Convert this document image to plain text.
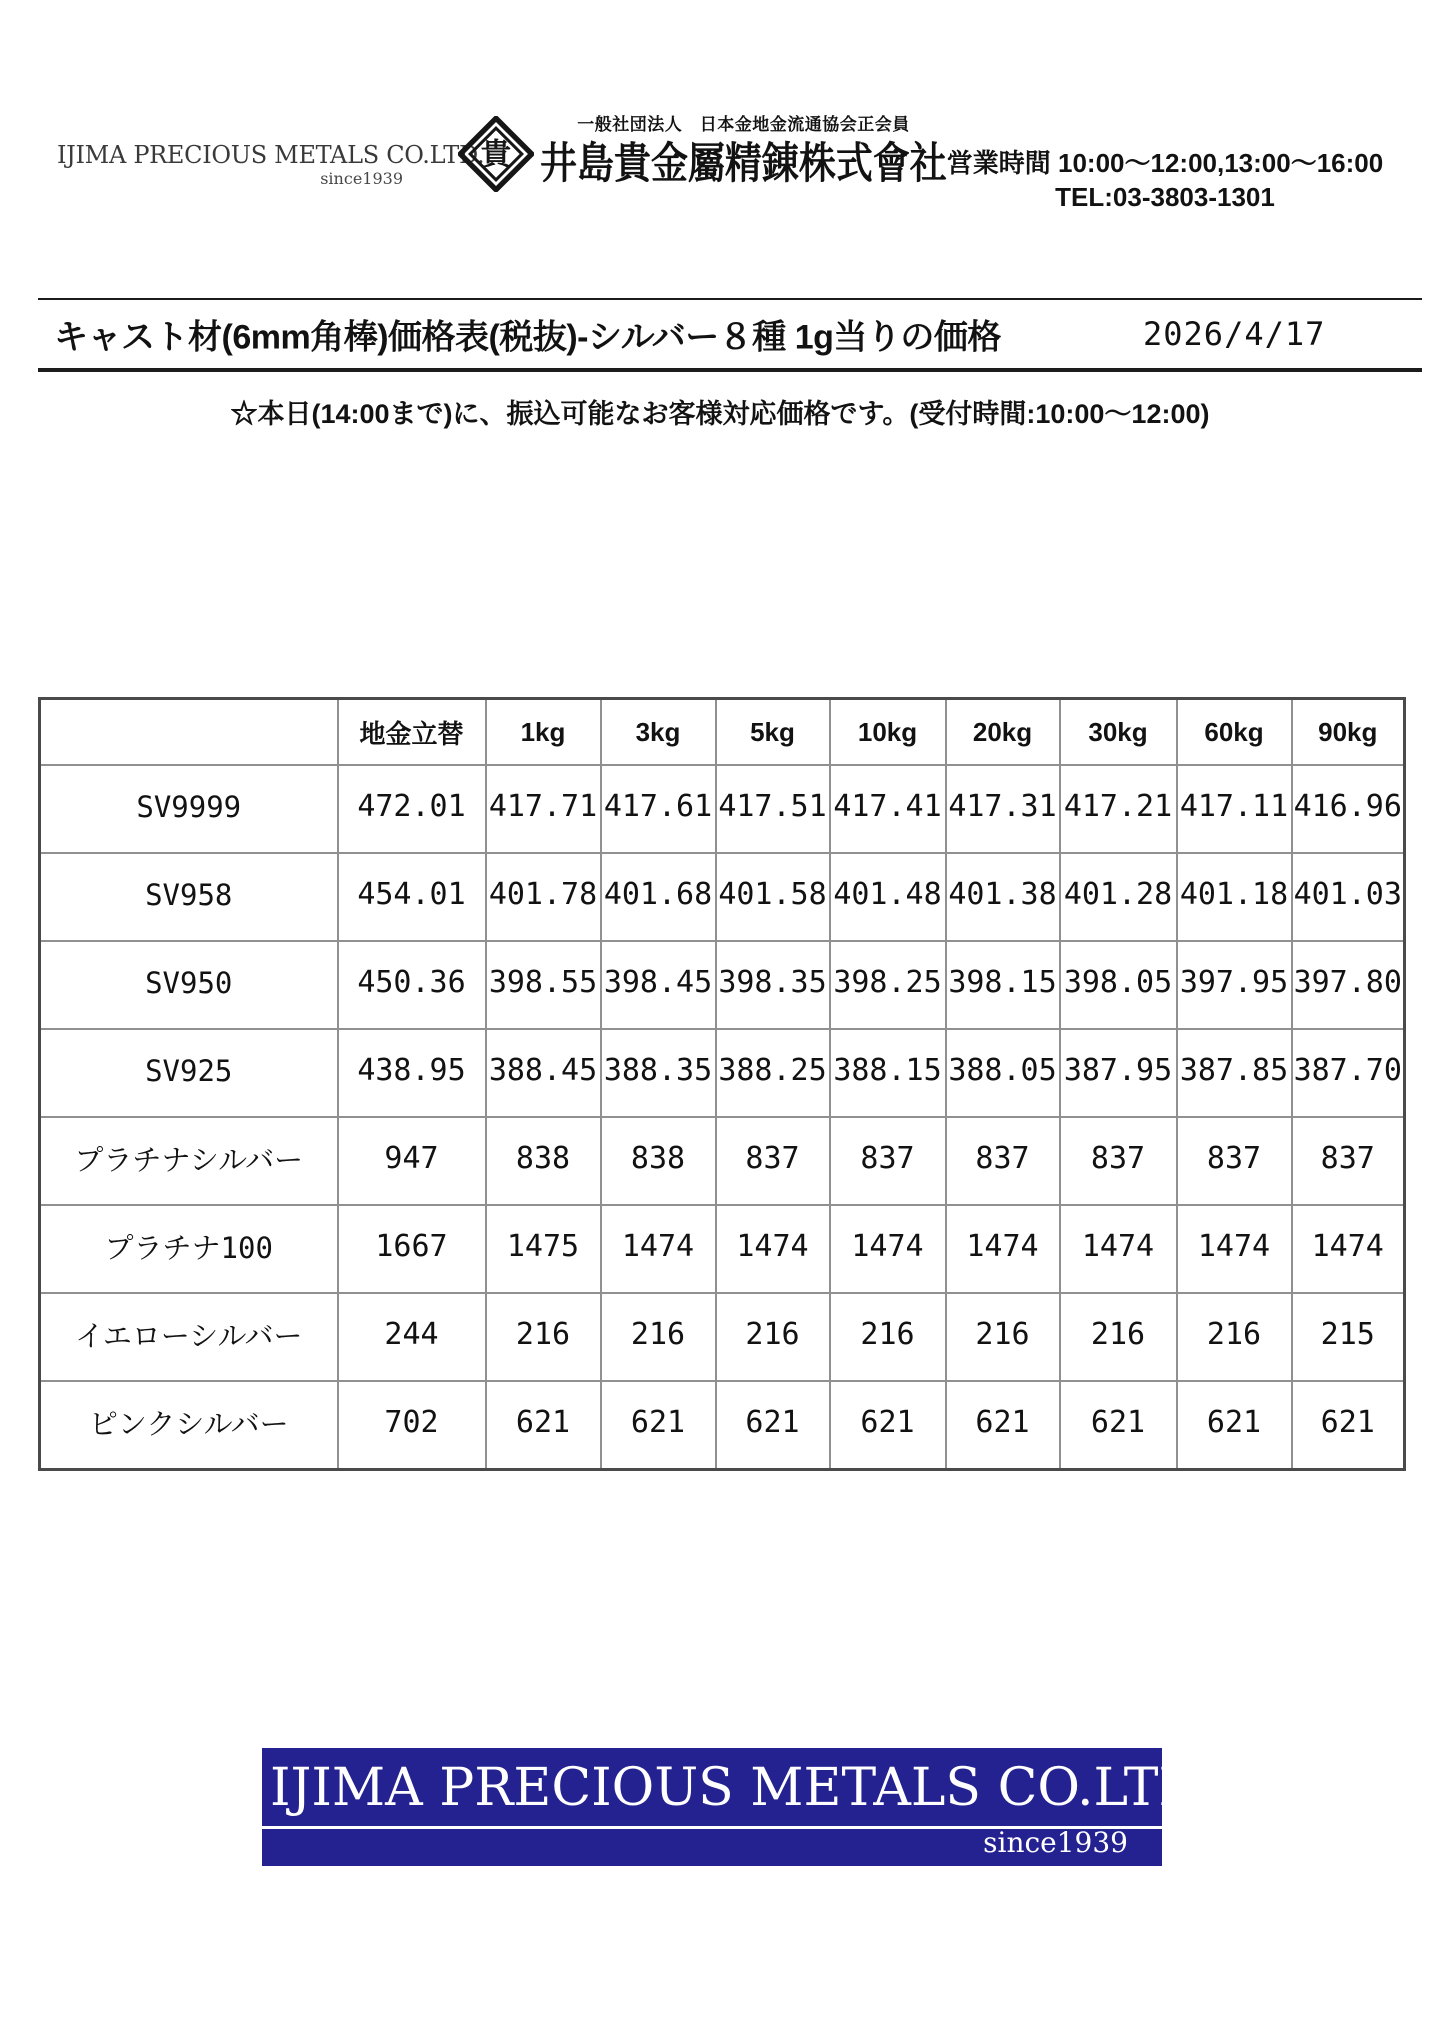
IJIMA PRECIOUS METALS CO.LTD.
since1939
貴
一般社団法人　日本金地金流通協会正会員
井島貴金屬精錬株式會社 営業時間 10:00～12:00,13:00～16:00
TEL:03-3803-1301
キャスト材(6mm角棒)価格表(税抜)-シルバー８種 1g当りの価格	2026/4/17
☆本日(14:00まで)に、振込可能なお客様対応価格です。(受付時間:10:00～12:00)
	地金立替	1kg	3kg	5kg	10kg	20kg	30kg	60kg	90kg
SV9999	472.01	417.71	417.61	417.51	417.41	417.31	417.21	417.11	416.96
SV958	454.01	401.78	401.68	401.58	401.48	401.38	401.28	401.18	401.03
SV950	450.36	398.55	398.45	398.35	398.25	398.15	398.05	397.95	397.80
SV925	438.95	388.45	388.35	388.25	388.15	388.05	387.95	387.85	387.70
プラチナシルバー	947	838	838	837	837	837	837	837	837
プラチナ100	1667	1475	1474	1474	1474	1474	1474	1474	1474
イエローシルバー	244	216	216	216	216	216	216	216	215
ピンクシルバー	702	621	621	621	621	621	621	621	621
IJIMA PRECIOUS METALS CO.LTD.
since1939
